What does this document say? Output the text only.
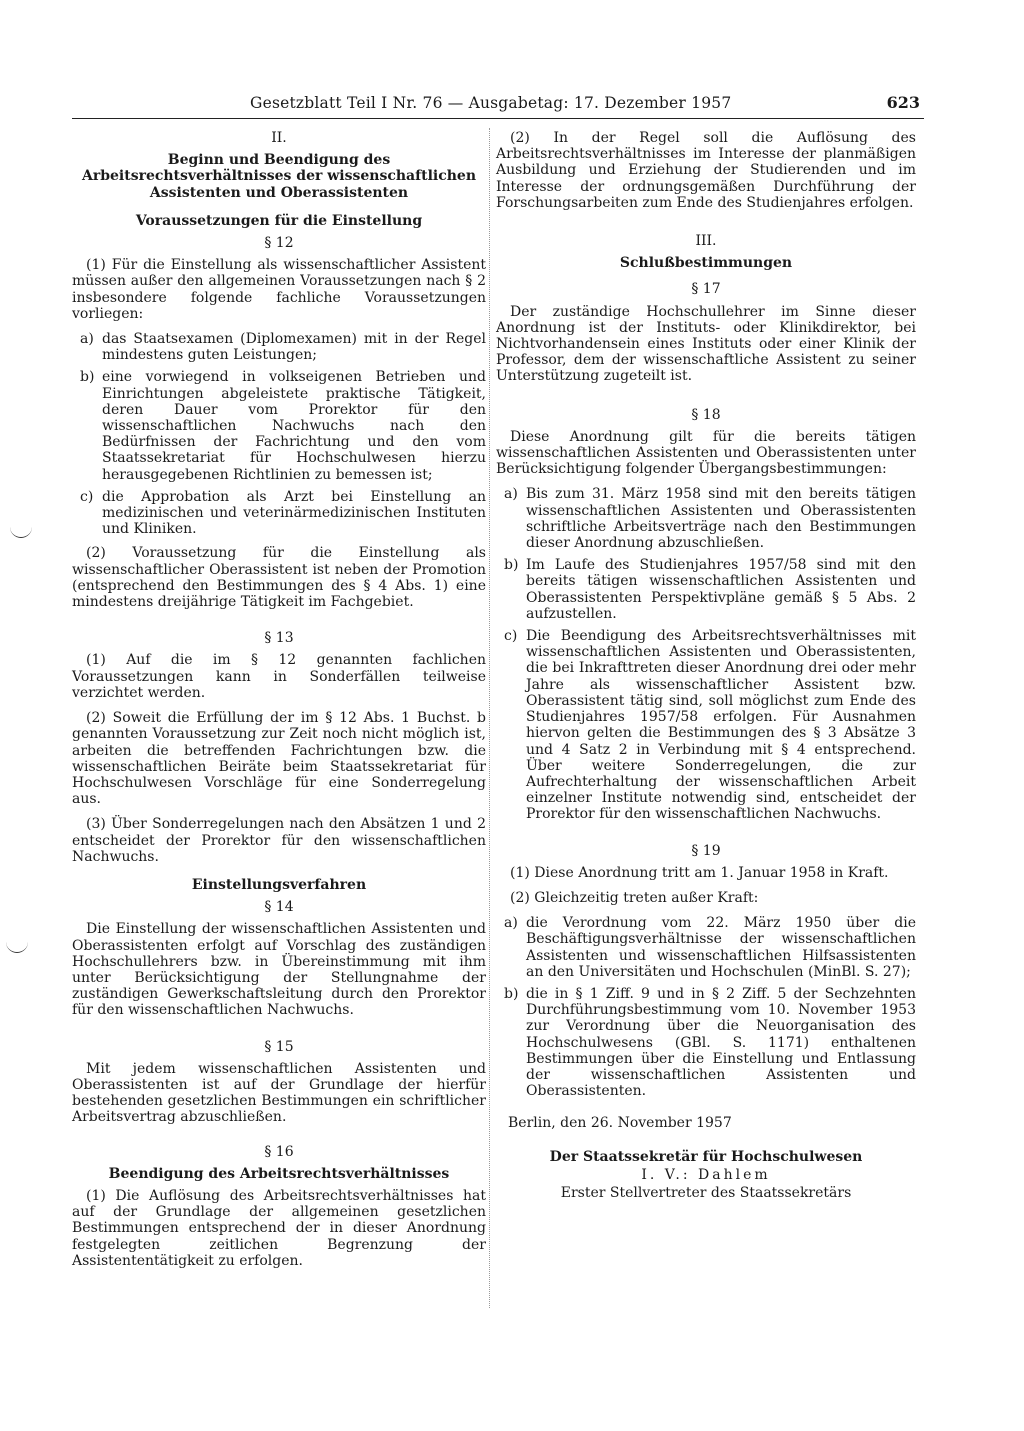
Gesetzblatt Teil I Nr. 76 — Ausgabetag: 17. Dezember 1957	623
II.
Beginn und Beendigung des Arbeitsrechtsverhältnisses der wissenschaftlichen Assistenten und Oberassistenten
Voraussetzungen für die Einstellung
§ 12

(1) Für die Einstellung als wissenschaftlicher Assistent müssen außer den allgemeinen Voraussetzungen nach § 2 insbesondere folgende fachliche Voraussetzungen vorliegen:

a) das Staatsexamen (Diplomexamen) mit in der Regel mindestens guten Leistungen;
b) eine vorwiegend in volkseigenen Betrieben und Einrichtungen abgeleistete praktische Tätigkeit, deren Dauer vom Prorektor für den wissenschaftlichen Nachwuchs nach den Bedürfnissen der Fachrichtung und den vom Staatssekretariat für Hochschulwesen hierzu herausgegebenen Richtlinien zu bemessen ist;
c) die Approbation als Arzt bei Einstellung an medizinischen und veterinärmedizinischen Instituten und Kliniken.

(2) Voraussetzung für die Einstellung als wissenschaftlicher Oberassistent ist neben der Promotion (entsprechend den Bestimmungen des § 4 Abs. 1) eine mindestens dreijährige Tätigkeit im Fachgebiet.

§ 13

(1) Auf die im § 12 genannten fachlichen Voraussetzungen kann in Sonderfällen teilweise verzichtet werden.

(2) Soweit die Erfüllung der im § 12 Abs. 1 Buchst. b genannten Voraussetzung zur Zeit noch nicht möglich ist, arbeiten die betreffenden Fachrichtungen bzw. die wissenschaftlichen Beiräte beim Staatssekretariat für Hochschulwesen Vorschläge für eine Sonderregelung aus.

(3) Über Sonderregelungen nach den Absätzen 1 und 2 entscheidet der Prorektor für den wissenschaftlichen Nachwuchs.

Einstellungsverfahren
§ 14

Die Einstellung der wissenschaftlichen Assistenten und Oberassistenten erfolgt auf Vorschlag des zuständigen Hochschullehrers bzw. in Übereinstimmung mit ihm unter Berücksichtigung der Stellungnahme der zuständigen Gewerkschaftsleitung durch den Prorektor für den wissenschaftlichen Nachwuchs.

§ 15

Mit jedem wissenschaftlichen Assistenten und Oberassistenten ist auf der Grundlage der hierfür bestehenden gesetzlichen Bestimmungen ein schriftlicher Arbeitsvertrag abzuschließen.

§ 16
Beendigung des Arbeitsrechtsverhältnisses

(1) Die Auflösung des Arbeitsrechtsverhältnisses hat auf der Grundlage der allgemeinen gesetzlichen Bestimmungen entsprechend der in dieser Anordnung festgelegten zeitlichen Begrenzung der Assistententätigkeit zu erfolgen.

(2) In der Regel soll die Auflösung des Arbeitsrechtsverhältnisses im Interesse der planmäßigen Ausbildung und Erziehung der Studierenden und im Interesse der ordnungsgemäßen Durchführung der Forschungsarbeiten zum Ende des Studienjahres erfolgen.

III.
Schlußbestimmungen
§ 17

Der zuständige Hochschullehrer im Sinne dieser Anordnung ist der Instituts- oder Klinikdirektor, bei Nichtvorhandensein eines Instituts oder einer Klinik der Professor, dem der wissenschaftliche Assistent zu seiner Unterstützung zugeteilt ist.

§ 18

Diese Anordnung gilt für die bereits tätigen wissenschaftlichen Assistenten und Oberassistenten unter Berücksichtigung folgender Übergangsbestimmungen:

a) Bis zum 31. März 1958 sind mit den bereits tätigen wissenschaftlichen Assistenten und Oberassistenten schriftliche Arbeitsverträge nach den Bestimmungen dieser Anordnung abzuschließen.
b) Im Laufe des Studienjahres 1957/58 sind mit den bereits tätigen wissenschaftlichen Assistenten und Oberassistenten Perspektivpläne gemäß § 5 Abs. 2 aufzustellen.
c) Die Beendigung des Arbeitsrechtsverhältnisses mit wissenschaftlichen Assistenten und Oberassistenten, die bei Inkrafttreten dieser Anordnung drei oder mehr Jahre als wissenschaftlicher Assistent bzw. Oberassistent tätig sind, soll möglichst zum Ende des Studienjahres 1957/58 erfolgen. Für Ausnahmen hiervon gelten die Bestimmungen des § 3 Absätze 3 und 4 Satz 2 in Verbindung mit § 4 entsprechend. Über weitere Sonderregelungen, die zur Aufrechterhaltung der wissenschaftlichen Arbeit einzelner Institute notwendig sind, entscheidet der Prorektor für den wissenschaftlichen Nachwuchs.
§ 19

(1) Diese Anordnung tritt am 1. Januar 1958 in Kraft.

(2) Gleichzeitig treten außer Kraft:

a) die Verordnung vom 22. März 1950 über die Beschäftigungsverhältnisse der wissenschaftlichen Assistenten und wissenschaftlichen Hilfsassistenten an den Universitäten und Hochschulen (MinBl. S. 27);
b) die in § 1 Ziff. 9 und in § 2 Ziff. 5 der Sechzehnten Durchführungsbestimmung vom 10. November 1953 zur Verordnung über die Neuorganisation des Hochschulwesens (GBl. S. 1171) enthaltenen Bestimmungen über die Einstellung und Entlassung der wissenschaftlichen Assistenten und Oberassistenten.

Berlin, den 26. November 1957

Der Staatssekretär für Hochschulwesen
I. V.: Dahlem
Erster Stellvertreter des Staatssekretärs
